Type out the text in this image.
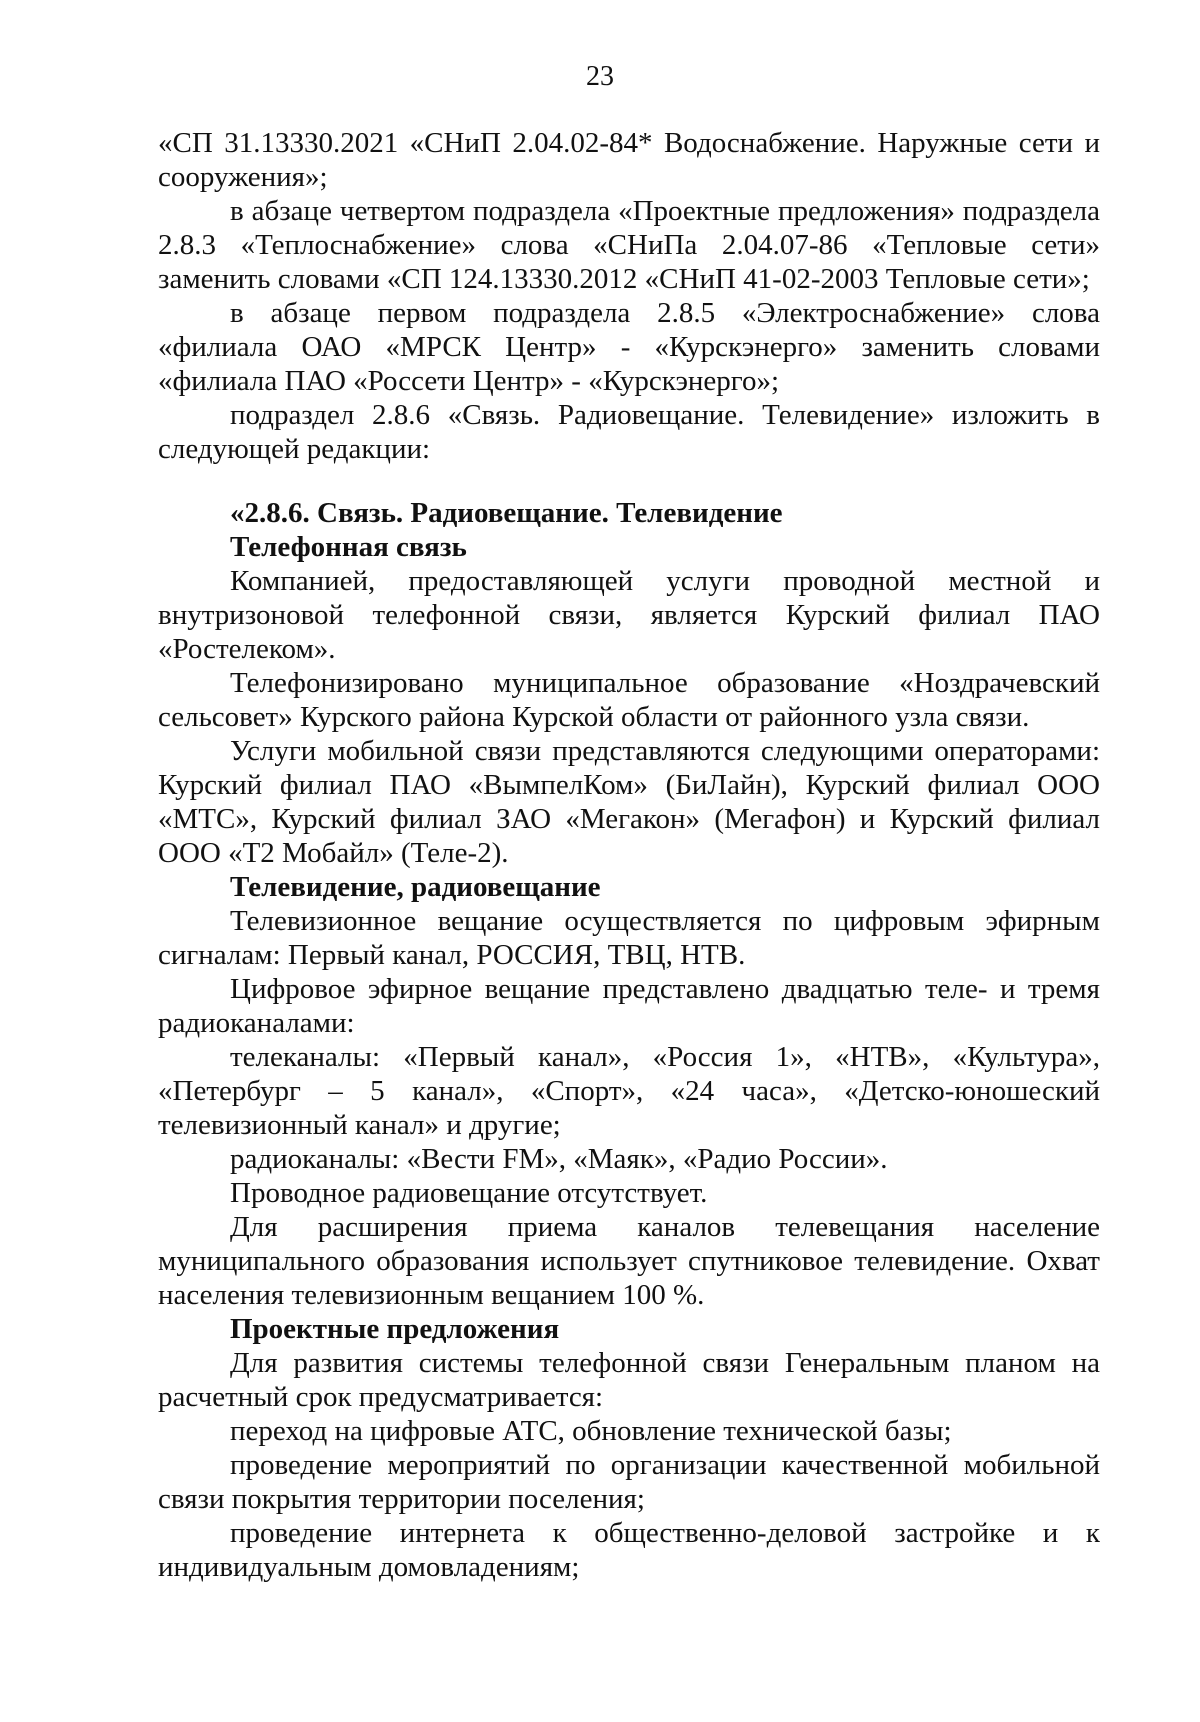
23

«СП 31.13330.2021 «СНиП 2.04.02-84* Водоснабжение. Наружные сети и сооружения»;

в абзаце четвертом подраздела «Проектные предложения» подраздела 2.8.3 «Теплоснабжение» слова «СНиПа 2.04.07-86 «Тепловые сети» заменить словами «СП 124.13330.2012 «СНиП 41-02-2003 Тепловые сети»;

в абзаце первом подраздела 2.8.5 «Электроснабжение» слова «филиала ОАО «МРСК Центр» - «Курскэнерго» заменить словами «филиала ПАО «Россети Центр» - «Курскэнерго»;

подраздел 2.8.6 «Связь. Радиовещание. Телевидение» изложить в следующей редакции:

«2.8.6. Связь. Радиовещание. Телевидение

Телефонная связь

Компанией, предоставляющей услуги проводной местной и внутризоновой телефонной связи, является Курский филиал ПАО «Ростелеком».

Телефонизировано муниципальное образование «Ноздрачевский сельсовет» Курского района Курской области от районного узла связи.

Услуги мобильной связи представляются следующими операторами: Курский филиал ПАО «ВымпелКом» (БиЛайн), Курский филиал ООО «МТС», Курский филиал ЗАО «Мегакон» (Мегафон) и Курский филиал ООО «Т2 Мобайл» (Теле-2).

Телевидение, радиовещание

Телевизионное вещание осуществляется по цифровым эфирным сигналам: Первый канал, РОССИЯ, ТВЦ, НТВ.

Цифровое эфирное вещание представлено двадцатью теле- и тремя радиоканалами:

телеканалы: «Первый канал», «Россия 1», «НТВ», «Культура», «Петербург – 5 канал», «Спорт», «24 часа», «Детско-юношеский телевизионный канал» и другие;

радиоканалы: «Вести FM», «Маяк», «Радио России».

Проводное радиовещание отсутствует.

Для расширения приема каналов телевещания население муниципального образования использует спутниковое телевидение. Охват населения телевизионным вещанием 100 %.

Проектные предложения

Для развития системы телефонной связи Генеральным планом на расчетный срок предусматривается:

переход на цифровые АТС, обновление технической базы;

проведение мероприятий по организации качественной мобильной связи покрытия территории поселения;

проведение интернета к общественно-деловой застройке и к индивидуальным домовладениям;
